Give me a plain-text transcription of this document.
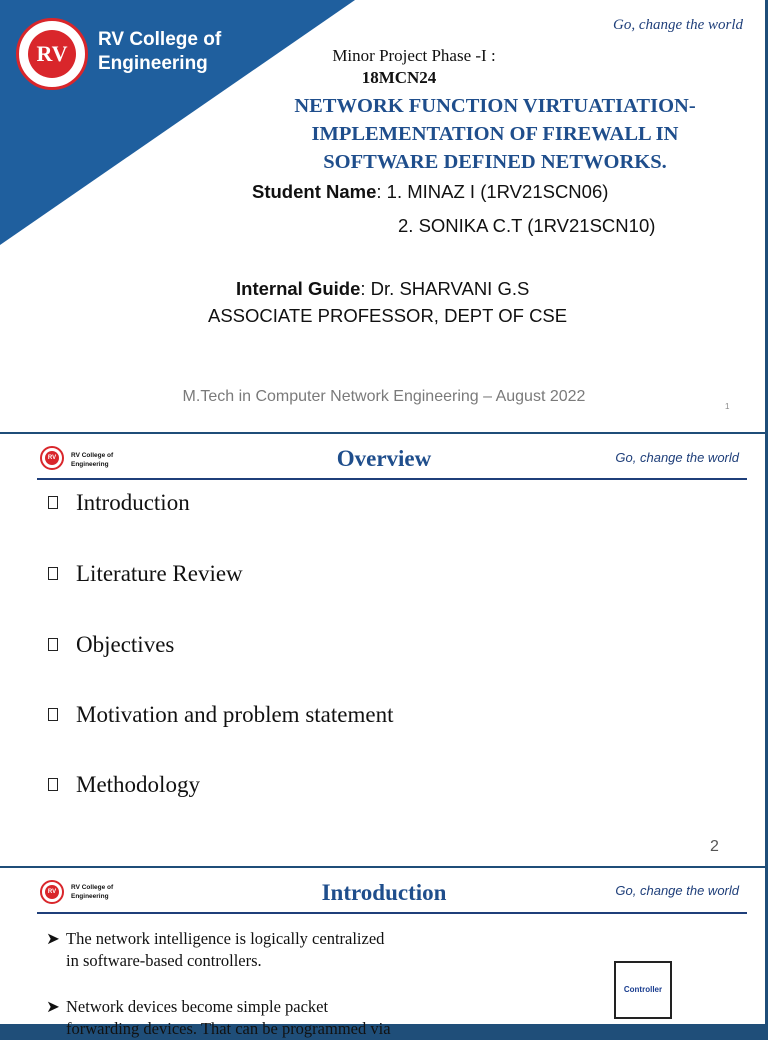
RV
RV College of
Engineering
Go, change the world
Minor Project Phase -I :
18MCN24
NETWORK FUNCTION VIRTUATIATION-
IMPLEMENTATION OF FIREWALL IN
SOFTWARE DEFINED NETWORKS.
Student Name: 1. MINAZ I (1RV21SCN06)
2. SONIKA C.T (1RV21SCN10)
Internal Guide: Dr. SHARVANI G.S
ASSOCIATE PROFESSOR, DEPT OF CSE
M.Tech in Computer Network Engineering – August 2022
1
RV	RV College of
Engineering	Overview	Go, change the world
Introduction
Literature Review
Objectives
Motivation and problem statement
Methodology
2
RV
RV College of
Engineering	Introduction	Go, change the world
➤ The network intelligence is logically centralized
in software-based controllers.
➤ Network devices become simple packet
forwarding devices. That can be programmed via
Controller
